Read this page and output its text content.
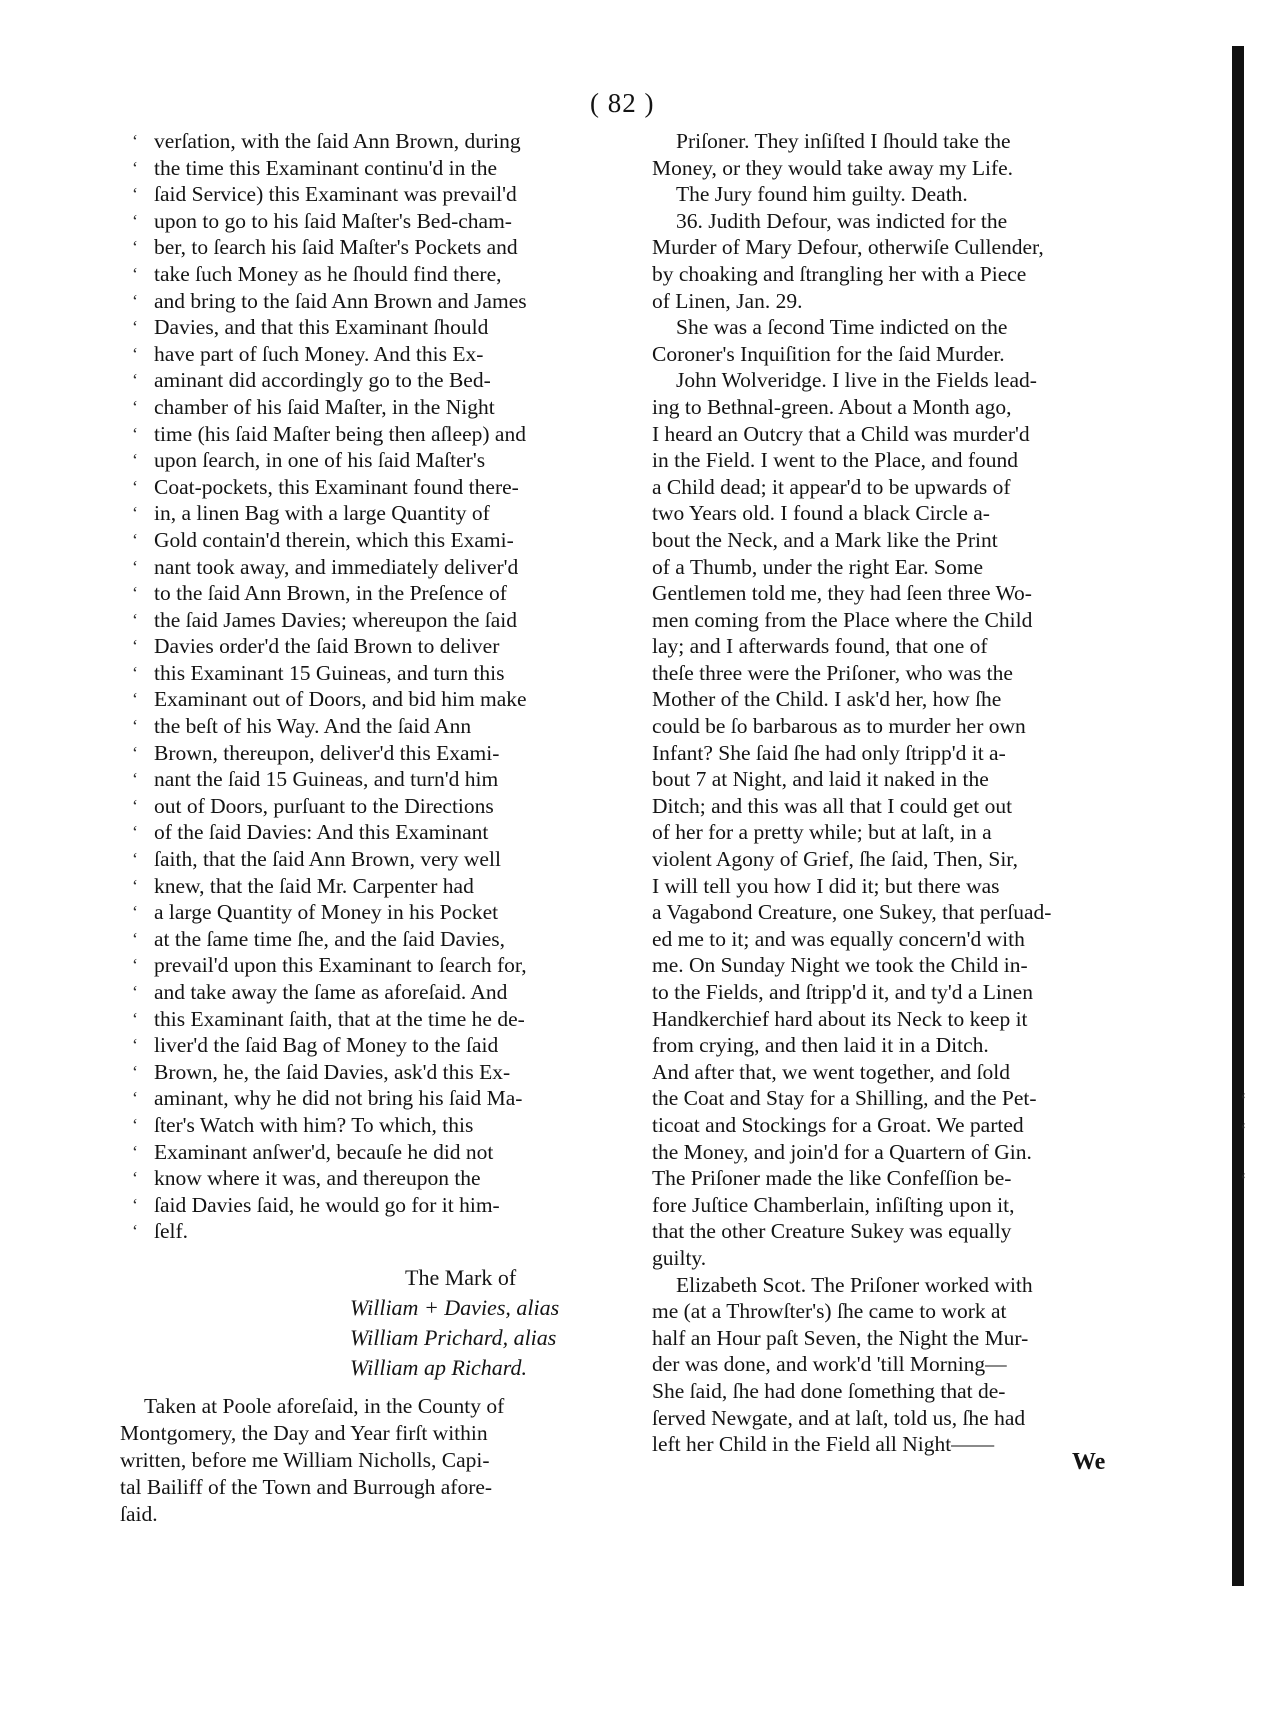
( 82 )
‘ verſation, with the ſaid Ann Brown, during
‘ the time this Examinant continu'd in the
‘ ſaid Service) this Examinant was prevail'd
‘ upon to go to his ſaid Maſter's Bed-cham-
‘ ber, to ſearch his ſaid Maſter's Pockets and
‘ take ſuch Money as he ſhould find there,
‘ and bring to the ſaid Ann Brown and James
‘ Davies, and that this Examinant ſhould
‘ have part of ſuch Money. And this Ex-
‘ aminant did accordingly go to the Bed-
‘ chamber of his ſaid Maſter, in the Night
‘ time (his ſaid Maſter being then aſleep) and
‘ upon ſearch, in one of his ſaid Maſter's
‘ Coat-pockets, this Examinant found there-
‘ in, a linen Bag with a large Quantity of
‘ Gold contain'd therein, which this Exami-
‘ nant took away, and immediately deliver'd
‘ to the ſaid Ann Brown, in the Preſence of
‘ the ſaid James Davies; whereupon the ſaid
‘ Davies order'd the ſaid Brown to deliver
‘ this Examinant 15 Guineas, and turn this
‘ Examinant out of Doors, and bid him make
‘ the beſt of his Way. And the ſaid Ann
‘ Brown, thereupon, deliver'd this Exami-
‘ nant the ſaid 15 Guineas, and turn'd him
‘ out of Doors, purſuant to the Directions
‘ of the ſaid Davies: And this Examinant
‘ ſaith, that the ſaid Ann Brown, very well
‘ knew, that the ſaid Mr. Carpenter had
‘ a large Quantity of Money in his Pocket
‘ at the ſame time ſhe, and the ſaid Davies,
‘ prevail'd upon this Examinant to ſearch for,
‘ and take away the ſame as aforeſaid. And
‘ this Examinant ſaith, that at the time he de-
‘ liver'd the ſaid Bag of Money to the ſaid
‘ Brown, he, the ſaid Davies, ask'd this Ex-
‘ aminant, why he did not bring his ſaid Ma-
‘ ſter's Watch with him? To which, this
‘ Examinant anſwer'd, becauſe he did not
‘ know where it was, and thereupon the
‘ ſaid Davies ſaid, he would go for it him-
‘ ſelf.
The Mark of
William + Davies, alias
William Prichard, alias
William ap Richard.
Taken at Poole aforeſaid, in the County of
Montgomery, the Day and Year firſt within
written, before me William Nicholls, Capi-
tal Bailiff of the Town and Burrough afore-
ſaid.
Priſoner. They inſiſted I ſhould take the
Money, or they would take away my Life.
The Jury found him guilty. Death.
36. Judith Defour, was indicted for the
Murder of Mary Defour, otherwiſe Cullender,
by choaking and ſtrangling her with a Piece
of Linen, Jan. 29.
She was a ſecond Time indicted on the
Coroner's Inquiſition for the ſaid Murder.
John Wolveridge. I live in the Fields lead-
ing to Bethnal-green. About a Month ago,
I heard an Outcry that a Child was murder'd
in the Field. I went to the Place, and found
a Child dead; it appear'd to be upwards of
two Years old. I found a black Circle a-
bout the Neck, and a Mark like the Print
of a Thumb, under the right Ear. Some
Gentlemen told me, they had ſeen three Wo-
men coming from the Place where the Child
lay; and I afterwards found, that one of
theſe three were the Priſoner, who was the
Mother of the Child. I ask'd her, how ſhe
could be ſo barbarous as to murder her own
Infant? She ſaid ſhe had only ſtripp'd it a-
bout 7 at Night, and laid it naked in the
Ditch; and this was all that I could get out
of her for a pretty while; but at laſt, in a
violent Agony of Grief, ſhe ſaid, Then, Sir,
I will tell you how I did it; but there was
a Vagabond Creature, one Sukey, that perſuad-
ed me to it; and was equally concern'd with
me. On Sunday Night we took the Child in-
to the Fields, and ſtripp'd it, and ty'd a Linen
Handkerchief hard about its Neck to keep it
from crying, and then laid it in a Ditch.
And after that, we went together, and ſold
the Coat and Stay for a Shilling, and the Pet-
ticoat and Stockings for a Groat. We parted
the Money, and join'd for a Quartern of Gin.
The Priſoner made the like Confeſſion be-
fore Juſtice Chamberlain, inſiſting upon it,
that the other Creature Sukey was equally
guilty.
Elizabeth Scot. The Priſoner worked with
me (at a Throwſter's) ſhe came to work at
half an Hour paſt Seven, the Night the Mur-
der was done, and work'd 'till Morning—
She ſaid, ſhe had done ſomething that de-
ſerved Newgate, and at laſt, told us, ſhe had
left her Child in the Field all Night——
We
‘
‘
‘
